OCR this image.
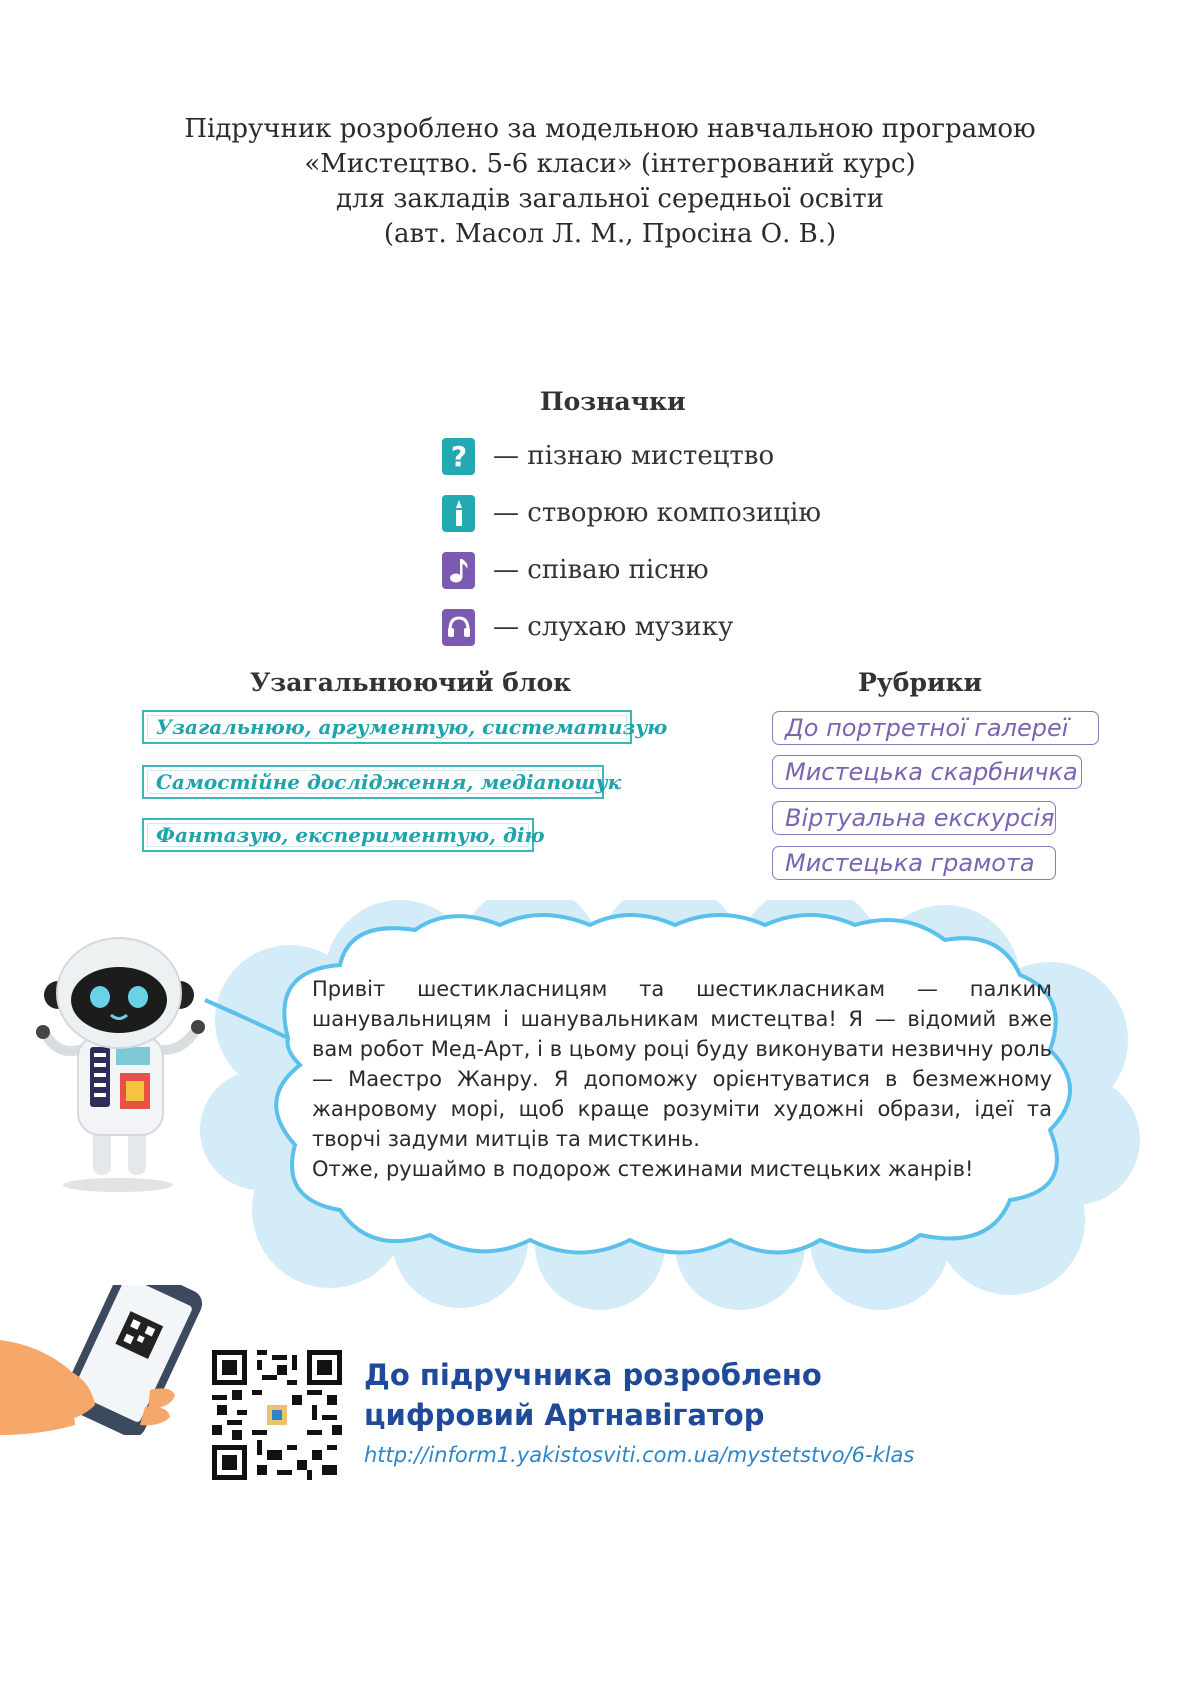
Підручник розроблено за модельною навчальною програмою
«Мистецтво. 5-6 класи» (інтегрований курс)
для закладів загальної середньої освіти
(авт. Масол Л. М., Просіна О. В.)
Позначки
? — пізнаю мистецтво
— створюю композицію
— співаю пісню
— слухаю музику
Узагальнюючий блок
Узагальнюю, аргументую, систематизую
Самостійне дослідження, медіапошук
Фантазую, експериментую, дію
Рубрики
До портретної галереї
Мистецька скарбничка
Віртуальна екскурсія
Мистецька грамота
Привіт шестикласницям та шестикласникам — палким шанувальницям і шанувальникам мистецтва! Я — відомий вже вам робот Мед-Арт, і в цьому році буду виконувати незвичну роль — Маестро Жанру. Я допоможу орієнтуватися в безмежному жанровому морі, щоб краще розуміти художні образи, ідеї та творчі задуми митців та мисткинь.
Отже, рушаймо в подорож стежинами мистецьких жанрів!
До підручника розроблено
цифровий Артнавігатор
http://inform1.yakistosviti.com.ua/mystetstvo/6-klas
